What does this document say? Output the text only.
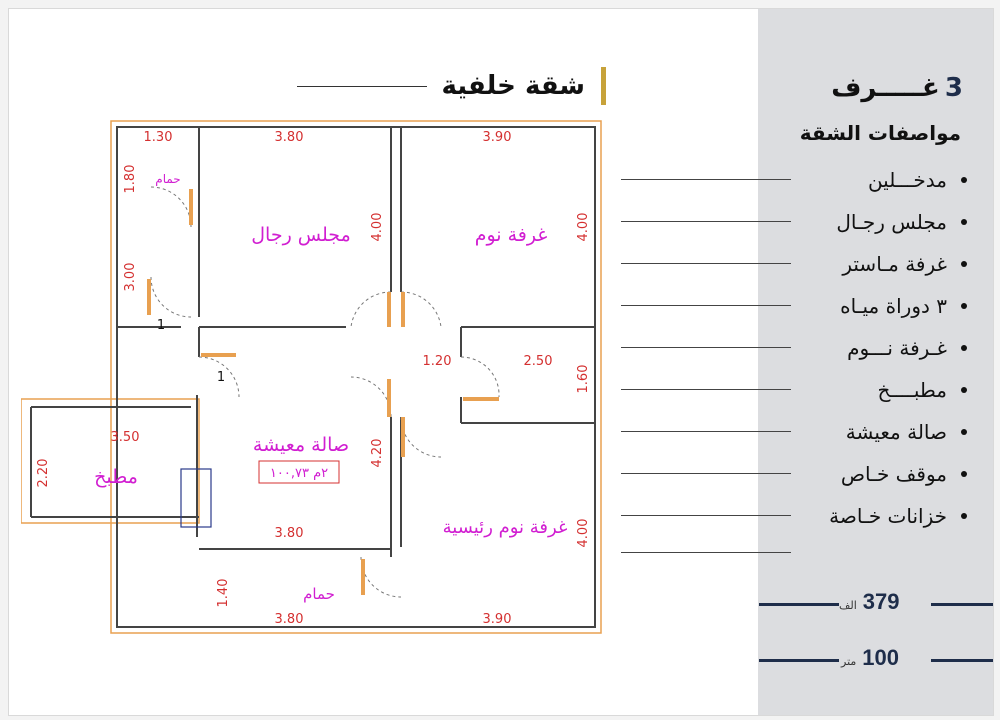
شقة خلفية	3 غـــــرف
مواصفات الشقة
مدخـــلين
مجلس رجـال
غرفة مـاستر
٣ دوراة ميـاه
غـرفة نـــوم
مطبــــخ
صالة معيشة
موقف خـاص
خزانات خـاصة
الف 379
متر 100
1.30	3.80	3.90
1.80
3.00
4.00	4.00
1.20	2.50
1.60
3.50
2.20
4.20
3.80	4.00
1.40
3.80	3.90
حمام
مجلس رجال	غرفة نوم
صالة معيشة
مطبخ
غرفة نوم رئيسية
حمام
٢م ١٠٠,٧٣
1
1
